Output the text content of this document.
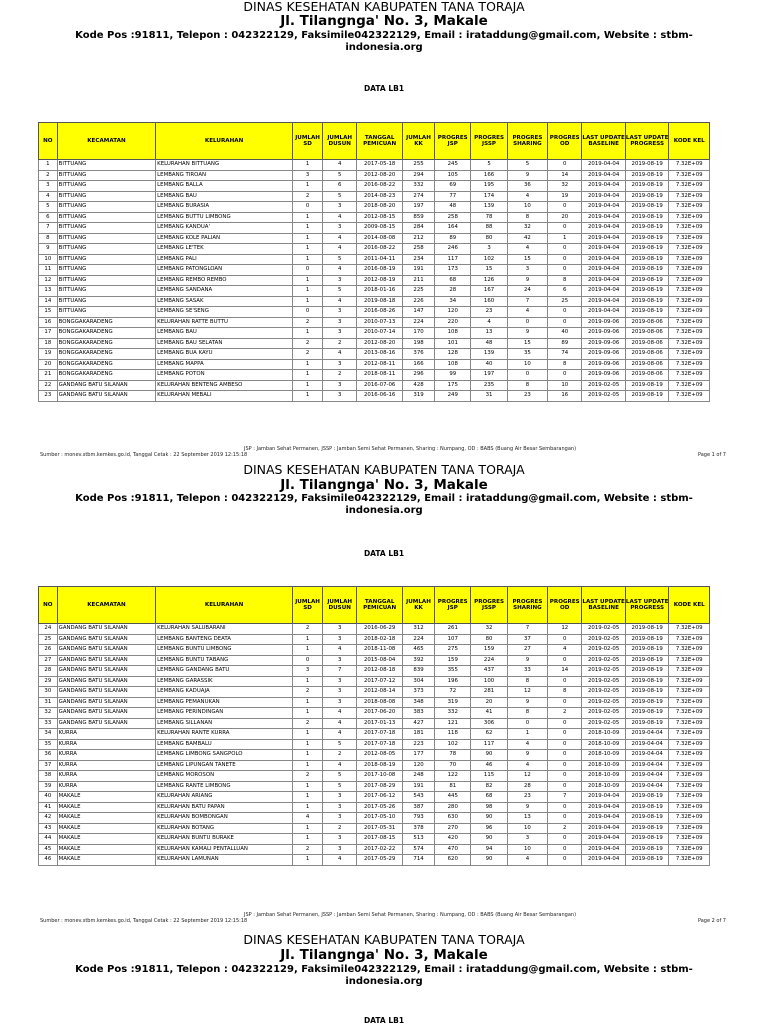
DINAS KESEHATAN KABUPATEN TANA TORAJA
Jl. Tilangnga' No. 3, Makale
Kode Pos :91811, Telepon : 042322129, Faksimile042322129, Email : irataddung@gmail.com, Website : stbm-indonesia.org
DATA LB1
NO	KECAMATAN	KELURAHAN	JUMLAH SD	JUMLAH DUSUN	TANGGAL PEMICUAN	JUMLAH KK	PROGRES JSP	PROGRES JSSP	PROGRES SHARING	PROGRES OD	LAST UPDATE BASELINE	LAST UPDATE PROGRESS	KODE KEL
1	BITTUANG	KELURAHAN BITTUANG	1	4	2017-05-18	255	245	5	5	0	2019-04-04	2019-08-19	7.32E+09
2	BITTUANG	LEMBANG TIROAN	3	5	2012-08-20	294	105	166	9	14	2019-04-04	2019-08-19	7.32E+09
3	BITTUANG	LEMBANG BALLA	1	6	2016-08-22	332	69	195	36	32	2019-04-04	2019-08-19	7.32E+09
4	BITTUANG	LEMBANG BAU	2	5	2014-08-23	274	77	174	4	19	2019-04-04	2019-08-19	7.32E+09
5	BITTUANG	LEMBANG BURASIA	0	3	2018-08-20	197	48	139	10	0	2019-04-04	2019-08-19	7.32E+09
6	BITTUANG	LEMBANG BUTTU LIMBONG	1	4	2012-08-15	859	258	78	8	20	2019-04-04	2019-08-19	7.32E+09
7	BITTUANG	LEMBANG KANDUA'	1	3	2009-08-15	284	164	88	32	0	2019-04-04	2019-08-19	7.32E+09
8	BITTUANG	LEMBANG KOLE PALIAN	1	4	2014-08-08	212	89	80	42	1	2019-04-04	2019-08-19	7.32E+09
9	BITTUANG	LEMBANG LE'TEK	1	4	2016-08-22	258	246	3	4	0	2019-04-04	2019-08-19	7.32E+09
10	BITTUANG	LEMBANG PALI	1	5	2011-04-11	234	117	102	15	0	2019-04-04	2019-08-19	7.32E+09
11	BITTUANG	LEMBANG PATONGLOAN	0	4	2016-08-19	191	173	15	3	0	2019-04-04	2019-08-19	7.32E+09
12	BITTUANG	LEMBANG REMBO REMBO	1	3	2012-08-19	211	68	126	9	8	2019-04-04	2019-08-19	7.32E+09
13	BITTUANG	LEMBANG SANDANA	1	5	2018-01-16	225	28	167	24	6	2019-04-04	2019-08-19	7.32E+09
14	BITTUANG	LEMBANG SASAK	1	4	2019-08-18	226	34	160	7	25	2019-04-04	2019-08-19	7.32E+09
15	BITTUANG	LEMBANG SE'SENG	0	3	2016-08-26	147	120	23	4	0	2019-04-04	2019-08-19	7.32E+09
16	BONGGAKARADENG	KELURAHAN RATTE BUTTU	2	3	2010-07-13	224	220	4	0	0	2019-09-06	2019-08-06	7.32E+09
17	BONGGAKARADENG	LEMBANG BAU	1	3	2010-07-14	170	108	13	9	40	2019-09-06	2019-08-06	7.32E+09
18	BONGGAKARADENG	LEMBANG BAU SELATAN	2	2	2012-08-20	198	101	48	15	89	2019-09-06	2019-08-06	7.32E+09
19	BONGGAKARADENG	LEMBANG BUA KAYU	2	4	2013-08-16	376	128	139	35	74	2019-09-06	2019-08-06	7.32E+09
20	BONGGAKARADENG	LEMBANG MAPPA	1	3	2012-08-11	166	108	40	10	8	2019-09-06	2019-08-06	7.32E+09
21	BONGGAKARADENG	LEMBANG POTON	1	2	2018-08-11	296	99	197	0	0	2019-09-06	2019-08-06	7.32E+09
22	GANDANG BATU SILANAN	KELURAHAN BENTENG AMBESO	1	3	2016-07-06	428	175	235	8	10	2019-02-05	2019-08-19	7.32E+09
23	GANDANG BATU SILANAN	KELURAHAN MEBALI	1	3	2016-06-16	319	249	31	23	16	2019-02-05	2019-08-19	7.32E+09
JSP : Jamban Sehat Permanen, JSSP : Jamban Semi Sehat Permanen, Sharing : Numpang, OD : BABS (Buang Air Besar Sembarangan)
Sumber : monev.stbm.kemkes.go.id, Tanggal Cetak : 22 September 2019 12:15:18	Page 1 of 7
DINAS KESEHATAN KABUPATEN TANA TORAJA
Jl. Tilangnga' No. 3, Makale
Kode Pos :91811, Telepon : 042322129, Faksimile042322129, Email : irataddung@gmail.com, Website : stbm-indonesia.org
DATA LB1
NO	KECAMATAN	KELURAHAN	JUMLAH SD	JUMLAH DUSUN	TANGGAL PEMICUAN	JUMLAH KK	PROGRES JSP	PROGRES JSSP	PROGRES SHARING	PROGRES OD	LAST UPDATE BASELINE	LAST UPDATE PROGRESS	KODE KEL
24	GANDANG BATU SILANAN	KELURAHAN SALUBARANI	2	3	2016-06-29	312	261	32	7	12	2019-02-05	2019-08-19	7.32E+09
25	GANDANG BATU SILANAN	LEMBANG BANTENG DEATA	1	3	2018-02-18	224	107	80	37	0	2019-02-05	2019-08-19	7.32E+09
26	GANDANG BATU SILANAN	LEMBANG BUNTU LIMBONG	1	4	2018-11-08	465	275	159	27	4	2019-02-05	2019-08-19	7.32E+09
27	GANDANG BATU SILANAN	LEMBANG BUNTU TABANG	0	3	2015-08-04	392	159	224	9	0	2019-02-05	2019-08-19	7.32E+09
28	GANDANG BATU SILANAN	LEMBANG GANDANG BATU	3	7	2012-08-18	839	355	437	33	14	2019-02-05	2019-08-19	7.32E+09
29	GANDANG BATU SILANAN	LEMBANG GARASSIK	1	3	2017-07-12	304	196	100	8	0	2019-02-05	2019-08-19	7.32E+09
30	GANDANG BATU SILANAN	LEMBANG KADUAJA	2	3	2012-08-14	373	72	281	12	8	2019-02-05	2019-08-19	7.32E+09
31	GANDANG BATU SILANAN	LEMBANG PEMANUKAN	1	3	2018-08-08	348	319	20	9	0	2019-02-05	2019-08-19	7.32E+09
32	GANDANG BATU SILANAN	LEMBANG PERINDINGAN	1	4	2017-06-20	383	332	41	8	2	2019-02-05	2019-08-19	7.32E+09
33	GANDANG BATU SILANAN	LEMBANG SILLANAN	2	4	2017-01-13	427	121	306	0	0	2019-02-05	2019-08-19	7.32E+09
34	KURRA	KELURAHAN RANTE KURRA	1	4	2017-07-18	181	118	62	1	0	2018-10-09	2019-04-04	7.32E+09
35	KURRA	LEMBANG BAMBALU	1	5	2017-07-18	223	102	117	4	0	2018-10-09	2019-04-04	7.32E+09
36	KURRA	LEMBANG LIMBONG SANGPOLO	1	2	2012-08-05	177	78	90	9	0	2018-10-09	2019-04-04	7.32E+09
37	KURRA	LEMBANG LIPUNGAN TANETE	1	4	2018-08-19	120	70	46	4	0	2018-10-09	2019-04-04	7.32E+09
38	KURRA	LEMBANG MOROSON	2	5	2017-10-08	248	122	115	12	0	2018-10-09	2019-04-04	7.32E+09
39	KURRA	LEMBANG RANTE LIMBONG	1	5	2017-08-29	191	81	82	28	0	2018-10-09	2019-04-04	7.32E+09
40	MAKALE	KELURAHAN ARIANG	1	3	2017-06-12	543	445	68	23	7	2019-04-04	2019-08-19	7.32E+09
41	MAKALE	KELURAHAN BATU PAPAN	1	3	2017-05-26	387	280	98	9	0	2019-04-04	2019-08-19	7.32E+09
42	MAKALE	KELURAHAN BOMBONGAN	4	3	2017-05-10	793	630	90	13	0	2019-04-04	2019-08-19	7.32E+09
43	MAKALE	KELURAHAN BOTANG	1	2	2017-05-31	378	270	96	10	2	2019-04-04	2019-08-19	7.32E+09
44	MAKALE	KELURAHAN BUNTU BURAKE	1	3	2017-08-15	513	420	90	3	0	2019-04-04	2019-08-19	7.32E+09
45	MAKALE	KELURAHAN KAMALI PENTALLUAN	2	3	2017-02-22	574	470	94	10	0	2019-04-04	2019-08-19	7.32E+09
46	MAKALE	KELURAHAN LAMUNAN	1	4	2017-05-29	714	620	90	4	0	2019-04-04	2019-08-19	7.32E+09
JSP : Jamban Sehat Permanen, JSSP : Jamban Semi Sehat Permanen, Sharing : Numpang, OD : BABS (Buang Air Besar Sembarangan)
Sumber : monev.stbm.kemkes.go.id, Tanggal Cetak : 22 September 2019 12:15:18	Page 2 of 7
DINAS KESEHATAN KABUPATEN TANA TORAJA
Jl. Tilangnga' No. 3, Makale
Kode Pos :91811, Telepon : 042322129, Faksimile042322129, Email : irataddung@gmail.com, Website : stbm-indonesia.org
DATA LB1
